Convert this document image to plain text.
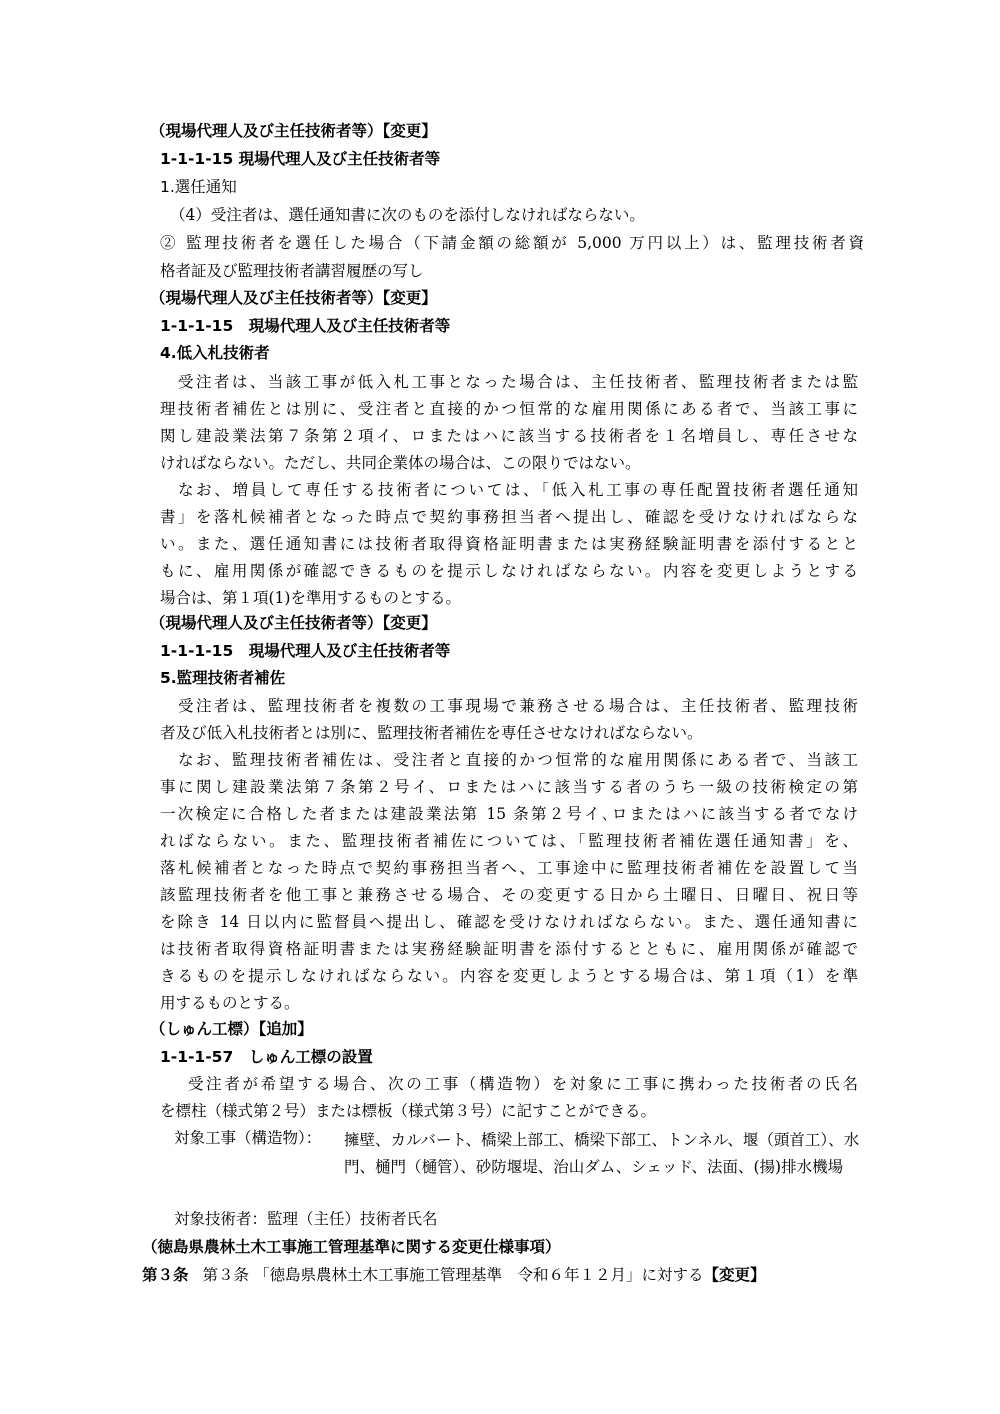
（現場代理人及び主任技術者等）【変更】
1-1-1-15 現場代理人及び主任技術者等
1.選任通知
（4）受注者は、選任通知書に次のものを添付しなければならない。
② 監理技術者を選任した場合（下請金額の総額が 5,000 万円以上）は、監理技術者資
格者証及び監理技術者講習履歴の写し
（現場代理人及び主任技術者等）【変更】
1-1-1-15　現場代理人及び主任技術者等
4.低入札技術者
受注者は、当該工事が低入札工事となった場合は、主任技術者、監理技術者または監
理技術者補佐とは別に、受注者と直接的かつ恒常的な雇用関係にある者で、当該工事に
関し建設業法第７条第２項イ、ロまたはハに該当する技術者を１名増員し、専任させな
ければならない。ただし、共同企業体の場合は、この限りではない。
なお、増員して専任する技術者については、「低入札工事の専任配置技術者選任通知
書」を落札候補者となった時点で契約事務担当者へ提出し、確認を受けなければならな
い。また、選任通知書には技術者取得資格証明書または実務経験証明書を添付するとと
もに、雇用関係が確認できるものを提示しなければならない。内容を変更しようとする
場合は、第１項(1)を準用するものとする。
（現場代理人及び主任技術者等）【変更】
1-1-1-15　現場代理人及び主任技術者等
5.監理技術者補佐
受注者は、監理技術者を複数の工事現場で兼務させる場合は、主任技術者、監理技術
者及び低入札技術者とは別に、監理技術者補佐を専任させなければならない。
なお、監理技術者補佐は、受注者と直接的かつ恒常的な雇用関係にある者で、当該工
事に関し建設業法第７条第２号イ、ロまたはハに該当する者のうち一級の技術検定の第
一次検定に合格した者または建設業法第 15 条第２号イ､ロまたはハに該当する者でなけ
ればならない。また、監理技術者補佐については、「監理技術者補佐選任通知書」を、
落札候補者となった時点で契約事務担当者へ、工事途中に監理技術者補佐を設置して当
該監理技術者を他工事と兼務させる場合、その変更する日から土曜日、日曜日、祝日等
を除き 14 日以内に監督員へ提出し、確認を受けなければならない。また、選任通知書に
は技術者取得資格証明書または実務経験証明書を添付するとともに、雇用関係が確認で
きるものを提示しなければならない。内容を変更しようとする場合は、第１項（1）を準
用するものとする。
（しゅん工標）【追加】
1-1-1-57　しゅん工標の設置
受注者が希望する場合、次の工事（構造物）を対象に工事に携わった技術者の氏名
を標柱（様式第２号）または標板（様式第３号）に記すことができる。
対象工事（構造物）： 擁壁、カルバート、橋梁上部工、橋梁下部工、トンネル、堰（頭首工）、水門、樋門（樋管）、砂防堰堤、治山ダム、シェッド、法面、(揚)排水機場
対象技術者：監理（主任）技術者氏名
（徳島県農林土木工事施工管理基準に関する変更仕様事項）
第３条 第３条 「徳島県農林土木工事施工管理基準　令和６年１２月」に対する【変更】
